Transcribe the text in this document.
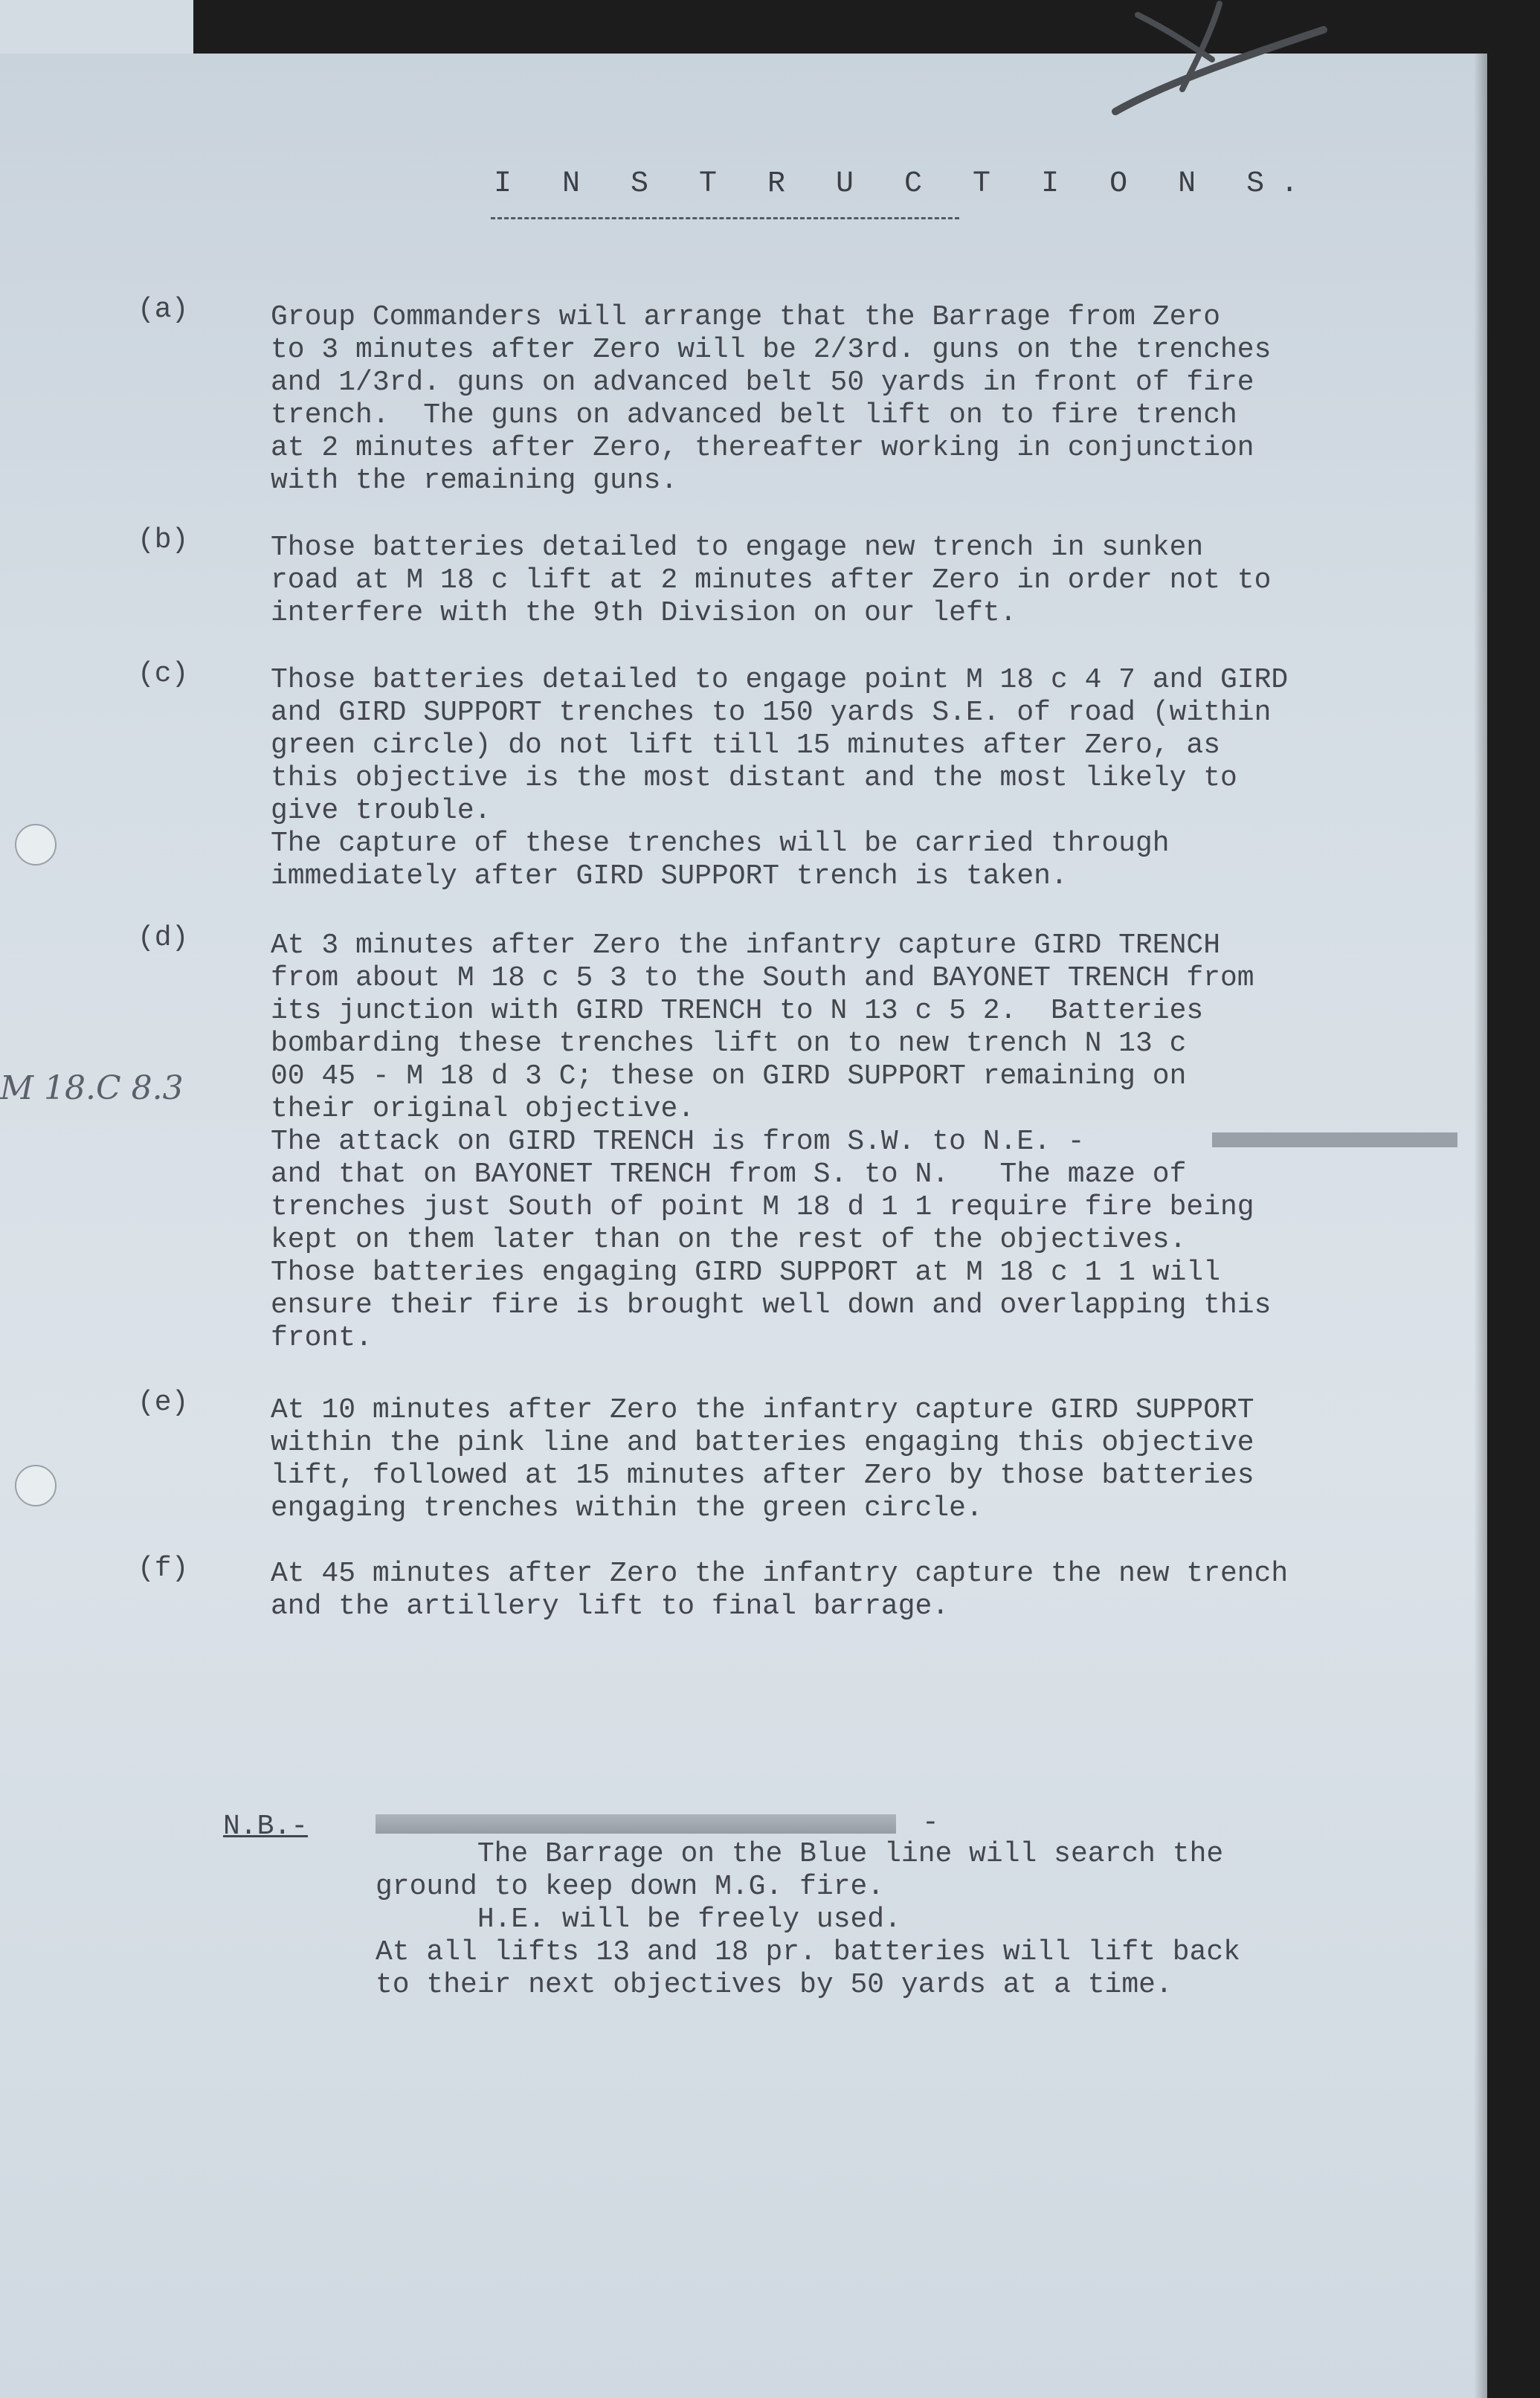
I N S T R U C T I O N S.
(a)	Group Commanders will arrange that the Barrage from Zero
to 3 minutes after Zero will be 2/3rd. guns on the trenches
and 1/3rd. guns on advanced belt 50 yards in front of fire
trench.  The guns on advanced belt lift on to fire trench
at 2 minutes after Zero, thereafter working in conjunction
with the remaining guns.
(b)	Those batteries detailed to engage new trench in sunken
road at M 18 c lift at 2 minutes after Zero in order not to
interfere with the 9th Division on our left.
(c)	Those batteries detailed to engage point M 18 c 4 7 and GIRD
and GIRD SUPPORT trenches to 150 yards S.E. of road (within
green circle) do not lift till 15 minutes after Zero, as
this objective is the most distant and the most likely to
give trouble.
The capture of these trenches will be carried through
immediately after GIRD SUPPORT trench is taken.
(d)	At 3 minutes after Zero the infantry capture GIRD TRENCH
from about M 18 c 5 3 to the South and BAYONET TRENCH from
its junction with GIRD TRENCH to N 13 c 5 2.  Batteries
bombarding these trenches lift on to new trench N 13 c
00 45 - M 18 d 3 C; these on GIRD SUPPORT remaining on
their original objective.
The attack on GIRD TRENCH is from S.W. to N.E. -
and that on BAYONET TRENCH from S. to N.   The maze of
trenches just South of point M 18 d 1 1 require fire being
kept on them later than on the rest of the objectives.
Those batteries engaging GIRD SUPPORT at M 18 c 1 1 will
ensure their fire is brought well down and overlapping this
front.
M 18.C 8.3
(e)	At 10 minutes after Zero the infantry capture GIRD SUPPORT
within the pink line and batteries engaging this objective
lift, followed at 15 minutes after Zero by those batteries
engaging trenches within the green circle.
(f)	At 45 minutes after Zero the infantry capture the new trench
and the artillery lift to final barrage.
N.B.-	-
The Barrage on the Blue line will search the
ground to keep down M.G. fire.
H.E. will be freely used.
At all lifts 13 and 18 pr. batteries will lift back
to their next objectives by 50 yards at a time.
